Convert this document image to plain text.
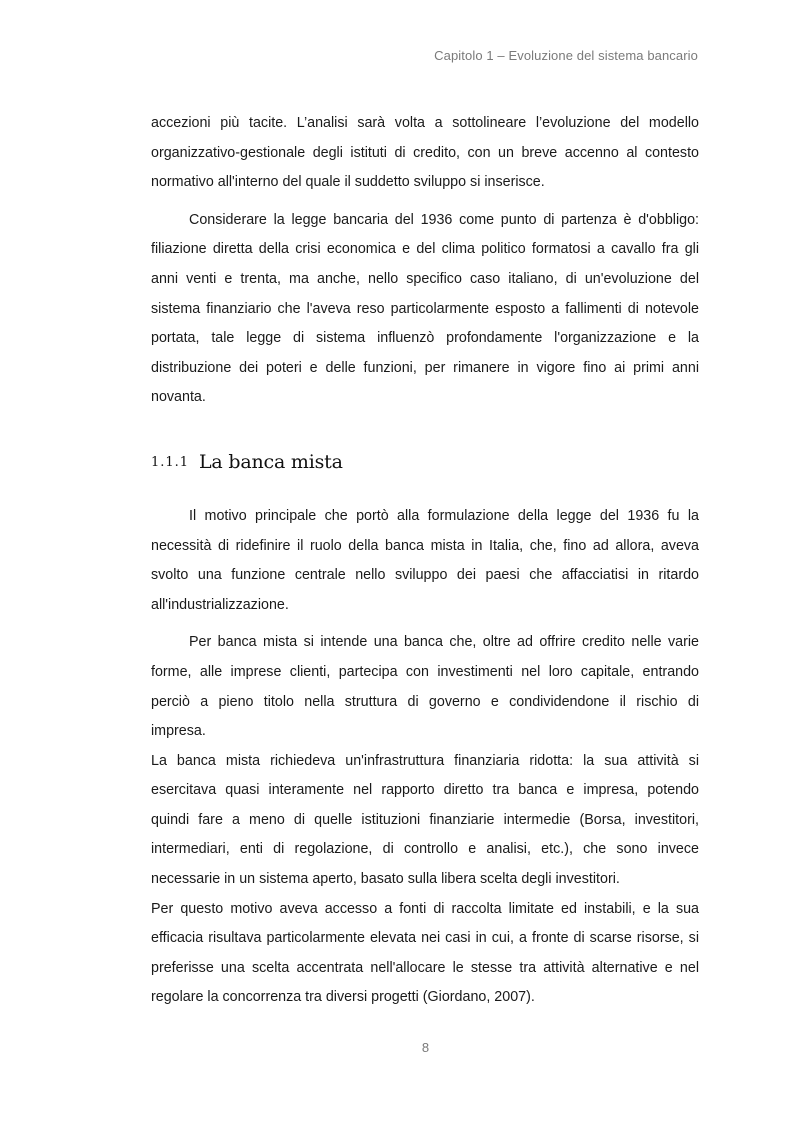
Capitolo 1 – Evoluzione del sistema bancario

accezioni più tacite. L’analisi sarà volta a sottolineare l’evoluzione del modello
organizzativo-gestionale degli istituti di credito, con un breve accenno al contesto
normativo all'interno del quale il suddetto sviluppo si inserisce.

Considerare la legge bancaria del 1936 come punto di partenza è d'obbligo:
filiazione diretta della crisi economica e del clima politico formatosi a cavallo fra gli
anni venti e trenta, ma anche, nello specifico caso italiano, di un'evoluzione del
sistema finanziario che l'aveva reso particolarmente esposto a fallimenti di notevole
portata, tale legge di sistema influenzò profondamente l'organizzazione e la
distribuzione dei poteri e delle funzioni, per rimanere in vigore fino ai primi anni
novanta.

1.1.1 La banca mista

Il motivo principale che portò alla formulazione della legge del 1936 fu la
necessità di ridefinire il ruolo della banca mista in Italia, che, fino ad allora, aveva
svolto una funzione centrale nello sviluppo dei paesi che affacciatisi in ritardo
all'industrializzazione.

Per banca mista si intende una banca che, oltre ad offrire credito nelle varie
forme, alle imprese clienti, partecipa con investimenti nel loro capitale, entrando
perciò a pieno titolo nella struttura di governo e condividendone il rischio di
impresa.

La banca mista richiedeva un'infrastruttura finanziaria ridotta: la sua attività si
esercitava quasi interamente nel rapporto diretto tra banca e impresa, potendo
quindi fare a meno di quelle istituzioni finanziarie intermedie (Borsa, investitori,
intermediari, enti di regolazione, di controllo e analisi, etc.), che sono invece
necessarie in un sistema aperto, basato sulla libera scelta degli investitori.

Per questo motivo aveva accesso a fonti di raccolta limitate ed instabili, e la sua
efficacia risultava particolarmente elevata nei casi in cui, a fronte di scarse risorse, si
preferisse una scelta accentrata nell'allocare le stesse tra attività alternative e nel
regolare la concorrenza tra diversi progetti (Giordano, 2007).

8
